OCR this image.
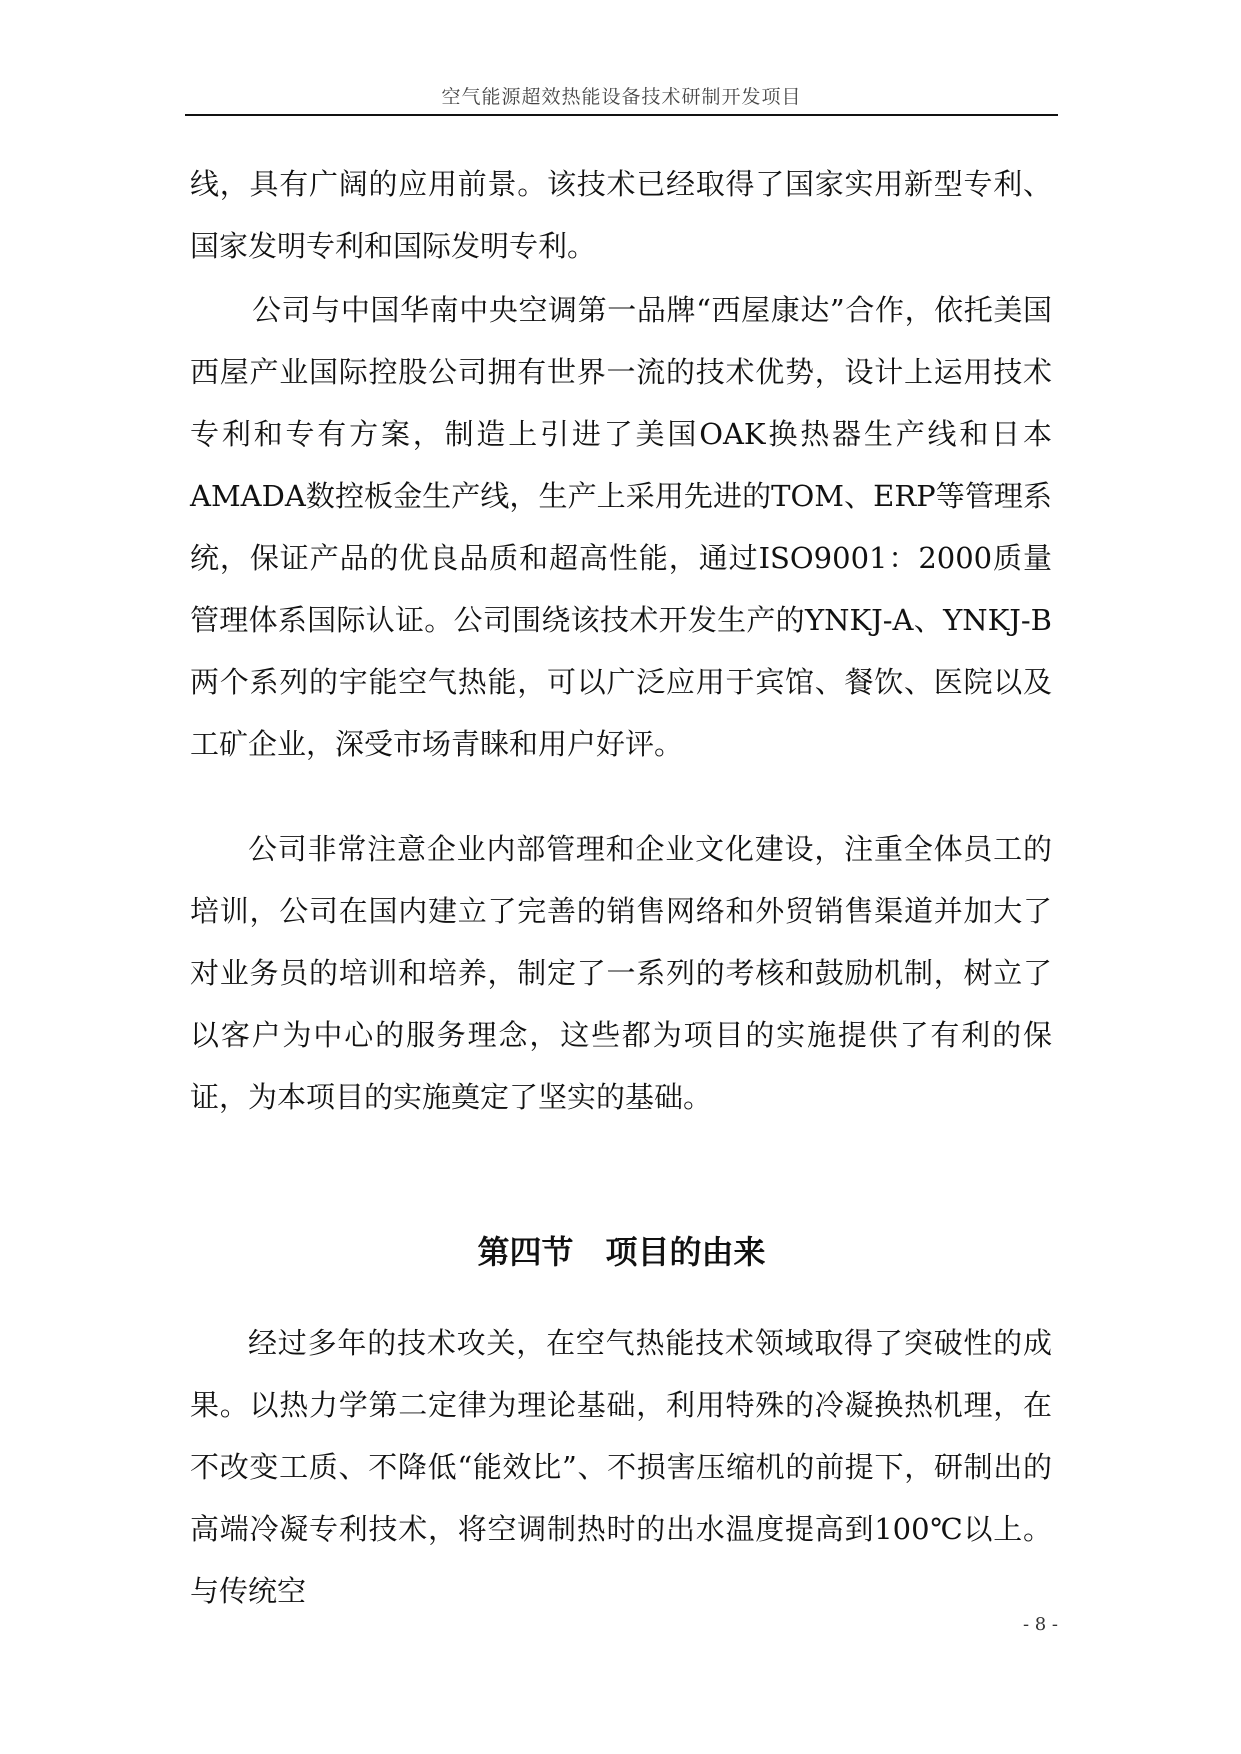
空气能源超效热能设备技术研制开发项目

线，具有广阔的应用前景。该技术已经取得了国家实用新型专利、国家发明专利和国际发明专利。

公司与中国华南中央空调第一品牌“西屋康达”合作，依托美国西屋产业国际控股公司拥有世界一流的技术优势，设计上运用技术专利和专有方案，制造上引进了美国OAK换热器生产线和日本AMADA数控板金生产线，生产上采用先进的TOM、ERP等管理系统，保证产品的优良品质和超高性能，通过ISO9001：2000质量管理体系国际认证。公司围绕该技术开发生产的YNKJ-A、YNKJ-B两个系列的宇能空气热能，可以广泛应用于宾馆、餐饮、医院以及工矿企业，深受市场青睐和用户好评。

公司非常注意企业内部管理和企业文化建设，注重全体员工的培训，公司在国内建立了完善的销售网络和外贸销售渠道并加大了对业务员的培训和培养，制定了一系列的考核和鼓励机制，树立了以客户为中心的服务理念，这些都为项目的实施提供了有利的保证，为本项目的实施奠定了坚实的基础。

第四节　项目的由来

经过多年的技术攻关，在空气热能技术领域取得了突破性的成果。以热力学第二定律为理论基础，利用特殊的冷凝换热机理，在不改变工质、不降低“能效比”、不损害压缩机的前提下，研制出的高端冷凝专利技术，将空调制热时的出水温度提高到100℃以上。与传统空

- 8 -
